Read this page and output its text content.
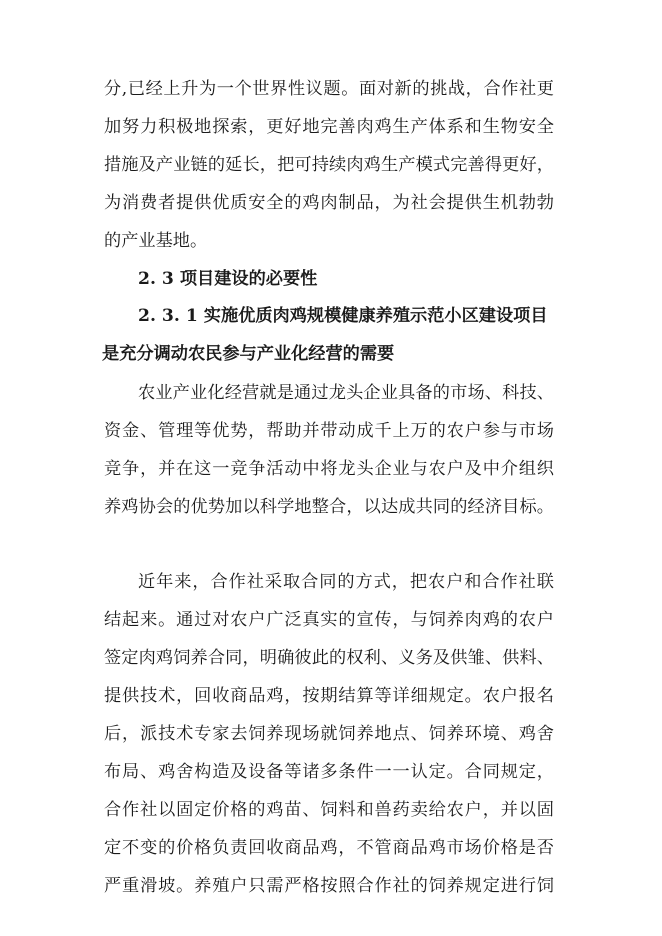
分,已经上升为一个世界性议题。面对新的挑战，合作社更
加努力积极地探索，更好地完善肉鸡生产体系和生物安全
措施及产业链的延长，把可持续肉鸡生产模式完善得更好，
为消费者提供优质安全的鸡肉制品，为社会提供生机勃勃
的产业基地。
2. 3 项目建设的必要性
2. 3. 1 实施优质肉鸡规模健康养殖示范小区建设项目
是充分调动农民参与产业化经营的需要
农业产业化经营就是通过龙头企业具备的市场、科技、
资金、管理等优势，帮助并带动成千上万的农户参与市场
竞争，并在这一竞争活动中将龙头企业与农户及中介组织
养鸡协会的优势加以科学地整合，以达成共同的经济目标。
近年来，合作社采取合同的方式，把农户和合作社联
结起来。通过对农户广泛真实的宣传，与饲养肉鸡的农户
签定肉鸡饲养合同，明确彼此的权利、义务及供雏、供料、
提供技术，回收商品鸡，按期结算等详细规定。农户报名
后，派技术专家去饲养现场就饲养地点、饲养环境、鸡舍
布局、鸡舍构造及设备等诸多条件一一认定。合同规定，
合作社以固定价格的鸡苗、饲料和兽药卖给农户，并以固
定不变的价格负责回收商品鸡，不管商品鸡市场价格是否
严重滑坡。养殖户只需严格按照合作社的饲养规定进行饲
